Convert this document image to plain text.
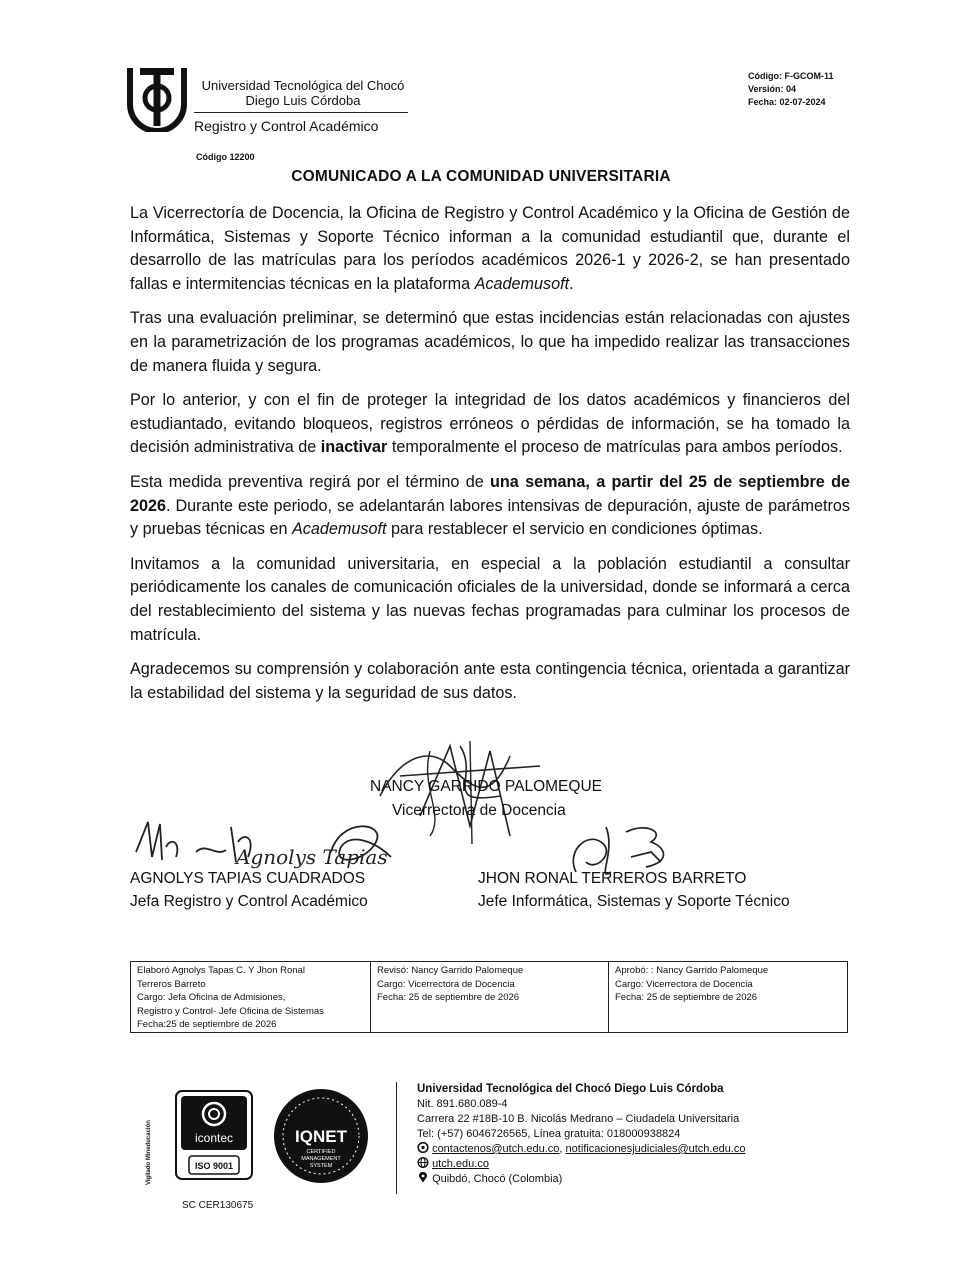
Universidad Tecnológica del Chocó
Diego Luis Córdoba
Registro y Control Académico
Código: F-GCOM-11
Versión: 04
Fecha: 02-07-2024
Código 12200
COMUNICADO A LA COMUNIDAD UNIVERSITARIA

La Vicerrectoría de Docencia, la Oficina de Registro y Control Académico y la Oficina de Gestión de Informática, Sistemas y Soporte Técnico informan a la comunidad estudiantil que, durante el desarrollo de las matrículas para los períodos académicos 2026-1 y 2026-2, se han presentado fallas e intermitencias técnicas en la plataforma Academusoft.

Tras una evaluación preliminar, se determinó que estas incidencias están relacionadas con ajustes en la parametrización de los programas académicos, lo que ha impedido realizar las transacciones de manera fluida y segura.

Por lo anterior, y con el fin de proteger la integridad de los datos académicos y financieros del estudiantado, evitando bloqueos, registros erróneos o pérdidas de información, se ha tomado la decisión administrativa de inactivar temporalmente el proceso de matrículas para ambos períodos.

Esta medida preventiva regirá por el término de una semana, a partir del 25 de septiembre de 2026. Durante este periodo, se adelantarán labores intensivas de depuración, ajuste de parámetros y pruebas técnicas en Academusoft para restablecer el servicio en condiciones óptimas.

Invitamos a la comunidad universitaria, en especial a la población estudiantil a consultar periódicamente los canales de comunicación oficiales de la universidad, donde se informará a cerca del restablecimiento del sistema y las nuevas fechas programadas para culminar los procesos de matrícula.

Agradecemos su comprensión y colaboración ante esta contingencia técnica, orientada a garantizar la estabilidad del sistema y la seguridad de sus datos.

Agnolys Tapias
NANCY GARRIDO PALOMEQUE
Vicerrectora de Docencia
AGNOLYS TAPIAS CUADRADOS
Jefa Registro y Control Académico
JHON RONAL TERREROS BARRETO
Jefe Informática, Sistemas y Soporte Técnico
Elaboró Agnolys Tapas C. Y Jhon Ronal
Terreros Barreto
Cargo: Jefa Oficina de Admisiones,
Registro y Control- Jefe Oficina de Sistemas
Fecha:25 de septiembre de 2026
Revisó: Nancy Garrido Palomeque
Cargo: Vicerrectora de Docencia
Fecha: 25 de septiembre de 2026
Aprobó: : Nancy Garrido Palomeque
Cargo: Vicerrectora de Docencia
Fecha: 25 de septiembre de 2026
Vigilado Mineducación	icontec
ISO 9001
IQNET
CERTIFIED
MANAGEMENT
SYSTEM
SC CER130675
Universidad Tecnológica del Chocó Diego Luis Córdoba
Nit. 891.680.089-4
Carrera 22 #18B-10 B. Nicolás Medrano – Ciudadela Universitaria
Tel: (+57) 6046726565, Línea gratuita: 018000938824
contactenos@utch.edu.co, notificacionesjudiciales@utch.edu.co
utch.edu.co
Quibdó, Chocó (Colombia)
